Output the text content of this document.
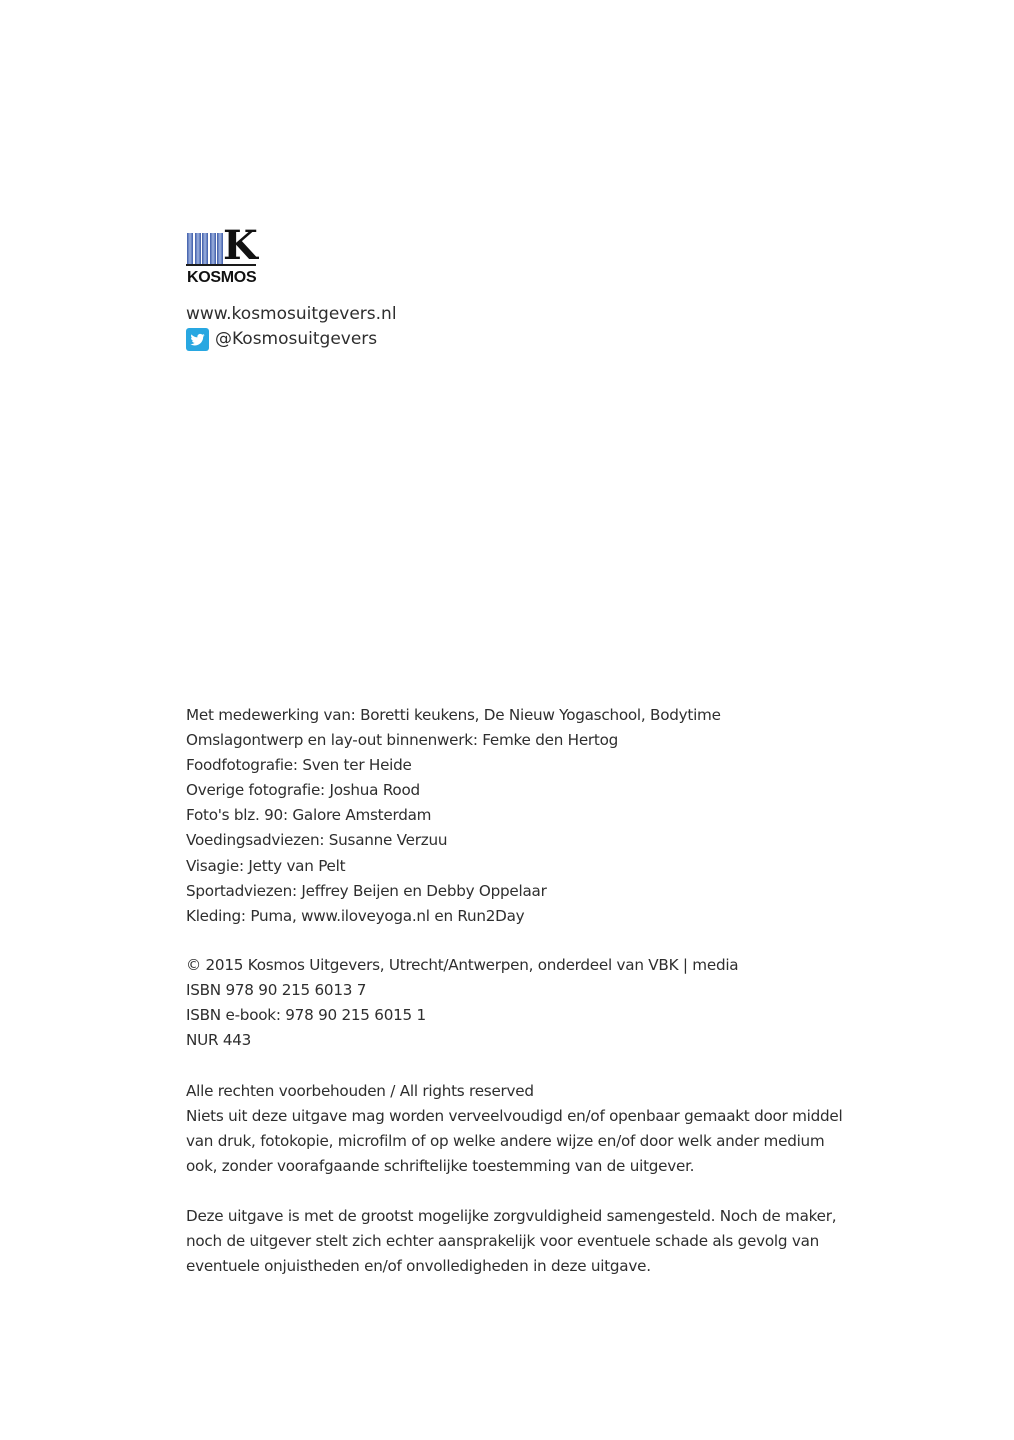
K
KOSMOS
www.kosmosuitgevers.nl
@Kosmosuitgevers
Met medewerking van: Boretti keukens, De Nieuw Yogaschool, Bodytime
Omslagontwerp en lay-out binnenwerk: Femke den Hertog
Foodfotografie: Sven ter Heide
Overige fotografie: Joshua Rood
Foto's blz. 90: Galore Amsterdam
Voedingsadviezen: Susanne Verzuu
Visagie: Jetty van Pelt
Sportadviezen: Jeffrey Beijen en Debby Oppelaar
Kleding: Puma, www.iloveyoga.nl en Run2Day
© 2015 Kosmos Uitgevers, Utrecht/Antwerpen, onderdeel van VBK | media
ISBN 978 90 215 6013 7
ISBN e-book: 978 90 215 6015 1
NUR 443
Alle rechten voorbehouden / All rights reserved
Niets uit deze uitgave mag worden verveelvoudigd en/of openbaar gemaakt door middel
van druk, fotokopie, microfilm of op welke andere wijze en/of door welk ander medium
ook, zonder voorafgaande schriftelijke toestemming van de uitgever.
Deze uitgave is met de grootst mogelijke zorgvuldigheid samengesteld. Noch de maker,
noch de uitgever stelt zich echter aansprakelijk voor eventuele schade als gevolg van
eventuele onjuistheden en/of onvolledigheden in deze uitgave.
